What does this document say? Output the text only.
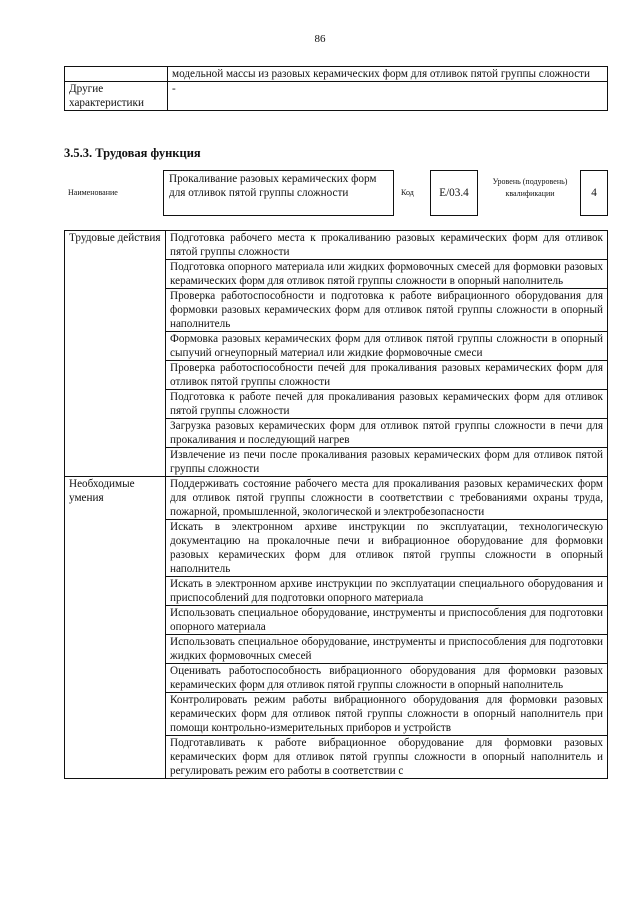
86
	модельной массы из разовых керамических форм для отливок пятой группы сложности
Другие характеристики	-
3.5.3. Трудовая функция
Наименование
Прокаливание разовых керамических форм для отливок пятой группы сложности	Код	E/03.4
Уровень (подуровень) квалификации	4
Трудовые действия	Подготовка рабочего места к прокаливанию разовых керамических форм для отливок пятой группы сложности
	Подготовка опорного материала или жидких формовочных смесей для формовки разовых керамических форм для отливок пятой группы сложности в опорный наполнитель
	Проверка работоспособности и подготовка к работе вибрационного оборудования для формовки разовых керамических форм для отливок пятой группы сложности в опорный наполнитель
	Формовка разовых керамических форм для отливок пятой группы сложности в опорный сыпучий огнеупорный материал или жидкие формовочные смеси
	Проверка работоспособности печей для прокаливания разовых керамических форм для отливок пятой группы сложности
	Подготовка к работе печей для прокаливания разовых керамических форм для отливок пятой группы сложности
	Загрузка разовых керамических форм для отливок пятой группы сложности в печи для прокаливания и последующий нагрев
	Извлечение из печи после прокаливания разовых керамических форм для отливок пятой группы сложности
Необходимые умения	Поддерживать состояние рабочего места для прокаливания разовых керамических форм для отливок пятой группы сложности в соответствии с требованиями охраны труда, пожарной, промышленной, экологической и электробезопасности
	Искать в электронном архиве инструкции по эксплуатации, технологическую документацию на прокалочные печи и вибрационное оборудование для формовки разовых керамических форм для отливок пятой группы сложности в опорный наполнитель
	Искать в электронном архиве инструкции по эксплуатации специального оборудования и приспособлений для подготовки опорного материала
	Использовать специальное оборудование, инструменты и приспособления для подготовки опорного материала
	Использовать специальное оборудование, инструменты и приспособления для подготовки жидких формовочных смесей
	Оценивать работоспособность вибрационного оборудования для формовки разовых керамических форм для отливок пятой группы сложности в опорный наполнитель
	Контролировать режим работы вибрационного оборудования для формовки разовых керамических форм для отливок пятой группы сложности в опорный наполнитель при помощи контрольно-измерительных приборов и устройств
	Подготавливать к работе вибрационное оборудование для формовки разовых керамических форм для отливок пятой группы сложности в опорный наполнитель и регулировать режим его работы в соответствии с
